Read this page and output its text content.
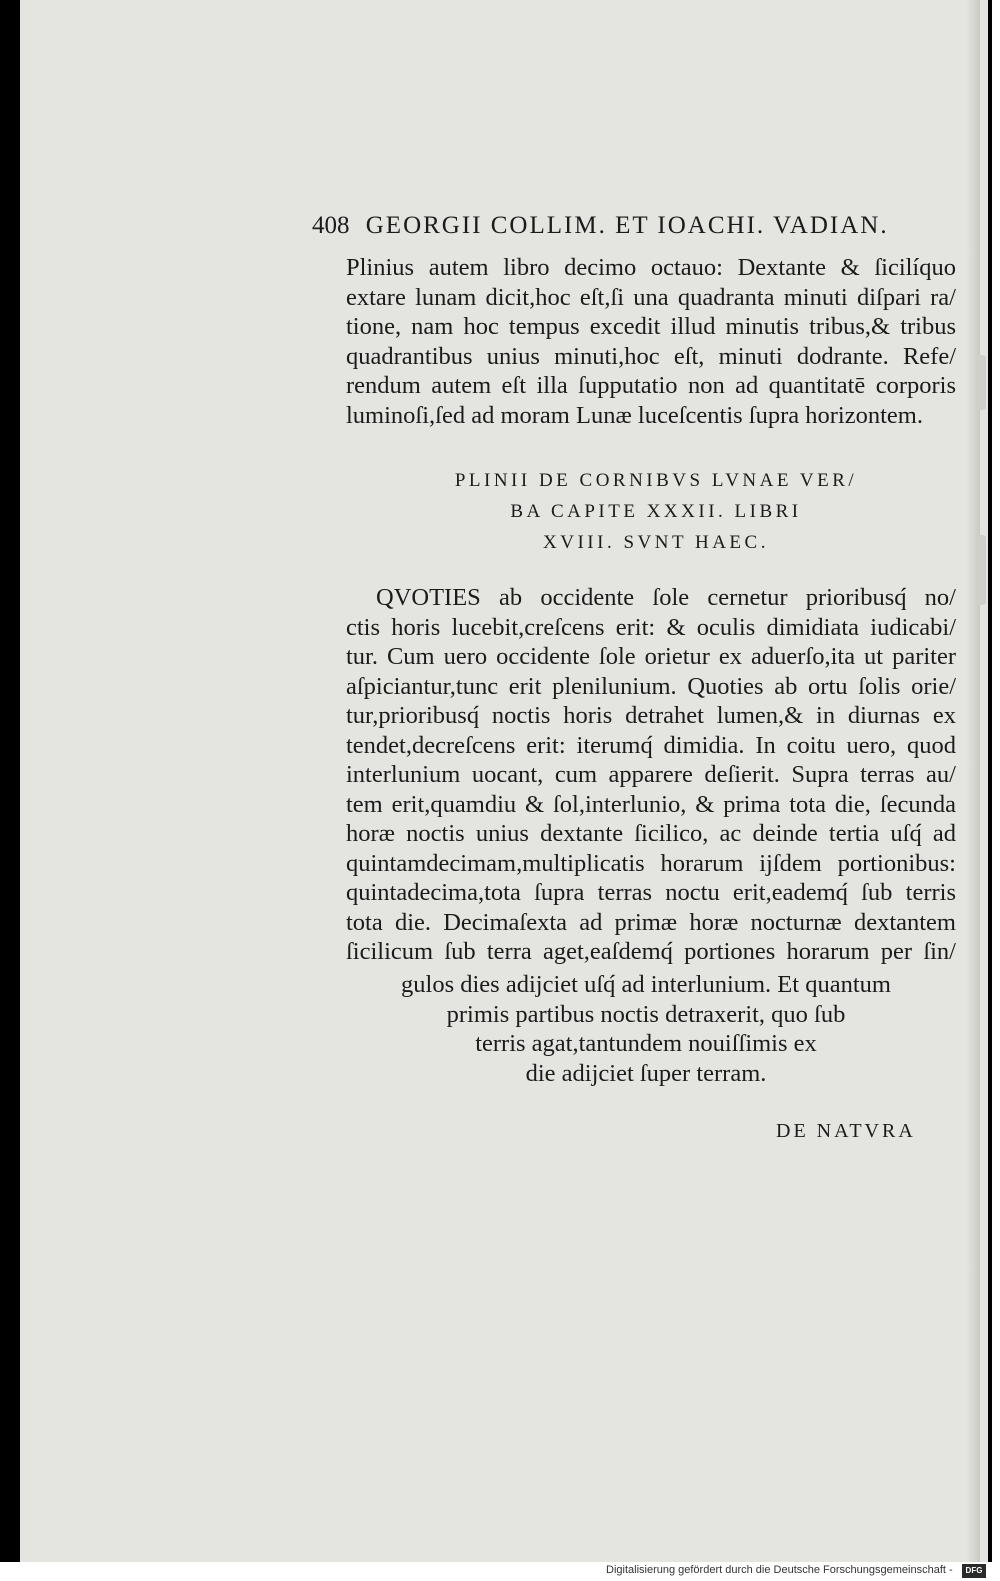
408 GEORGII COLLIM. ET IOACHI. VADIAN.
Plinius autem libro decimo octauo: Dextante & ſicilíquo
extare lunam dicit,hoc eſt,ſi una quadranta minuti diſpari ra/
tione, nam hoc tempus excedit illud minutis tribus,& tribus
quadrantibus unius minuti,hoc eſt, minuti dodrante. Refe/
rendum autem eſt illa ſupputatio non ad quantitatē corporis
luminoſi,ſed ad moram Lunæ luceſcentis ſupra horizontem.
PLINII DE CORNIBVS LVNAE VER/
BA CAPITE XXXII. LIBRI
XVIII. SVNT HAEC.
QVOTIES ab occidente ſole cernetur prioribusq́ no/
ctis horis lucebit,creſcens erit: & oculis dimidiata iudicabi/
tur. Cum uero occidente ſole orietur ex aduerſo,ita ut pariter
aſpiciantur,tunc erit plenilunium. Quoties ab ortu ſolis orie/
tur,prioribusq́ noctis horis detrahet lumen,& in diurnas ex
tendet,decreſcens erit: iterumq́ dimidia. In coitu uero, quod
interlunium uocant, cum apparere deſierit. Supra terras au/
tem erit,quamdiu & ſol,interlunio, & prima tota die, ſecunda
horæ noctis unius dextante ſicilico, ac deinde tertia uſq́ ad
quintamdecimam,multiplicatis horarum ijſdem portionibus:
quintadecima,tota ſupra terras noctu erit,eademq́ ſub terris
tota die. Decimaſexta ad primæ horæ nocturnæ dextantem
ſicilicum ſub terra aget,eaſdemq́ portiones horarum per ſin/
gulos dies adijciet uſq́ ad interlunium. Et quantum
primis partibus noctis detraxerit, quo ſub
terris agat,tantundem nouiſſimis ex
die adijciet ſuper terram.
DE NATVRA
Digitalisierung gefördert durch die Deutsche Forschungsgemeinschaft -	DFG
